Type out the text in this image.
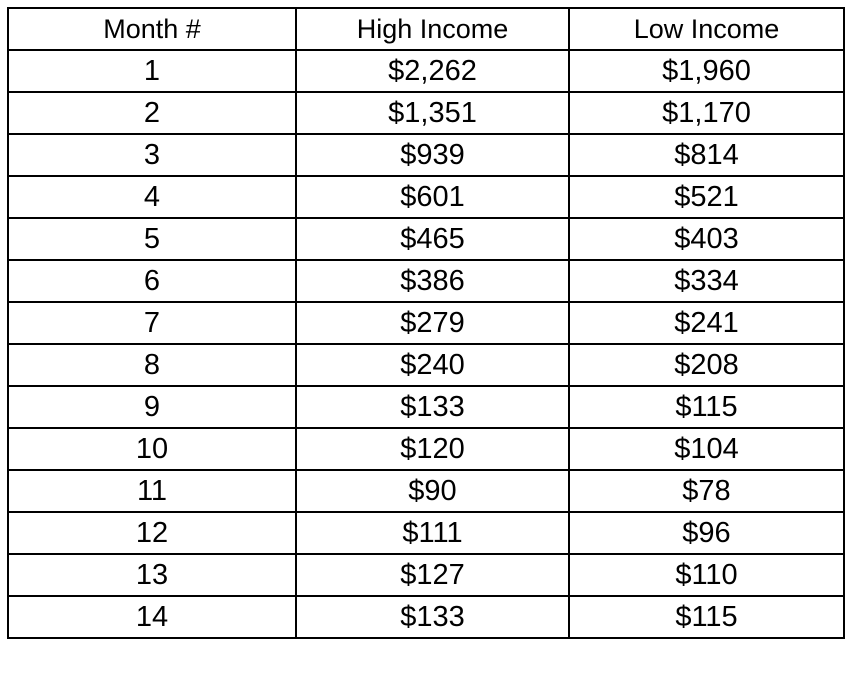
Month #	High Income	Low Income
1	$2,262	$1,960
2	$1,351	$1,170
3	$939	$814
4	$601	$521
5	$465	$403
6	$386	$334
7	$279	$241
8	$240	$208
9	$133	$115
10	$120	$104
11	$90	$78
12	$111	$96
13	$127	$110
14	$133	$115
